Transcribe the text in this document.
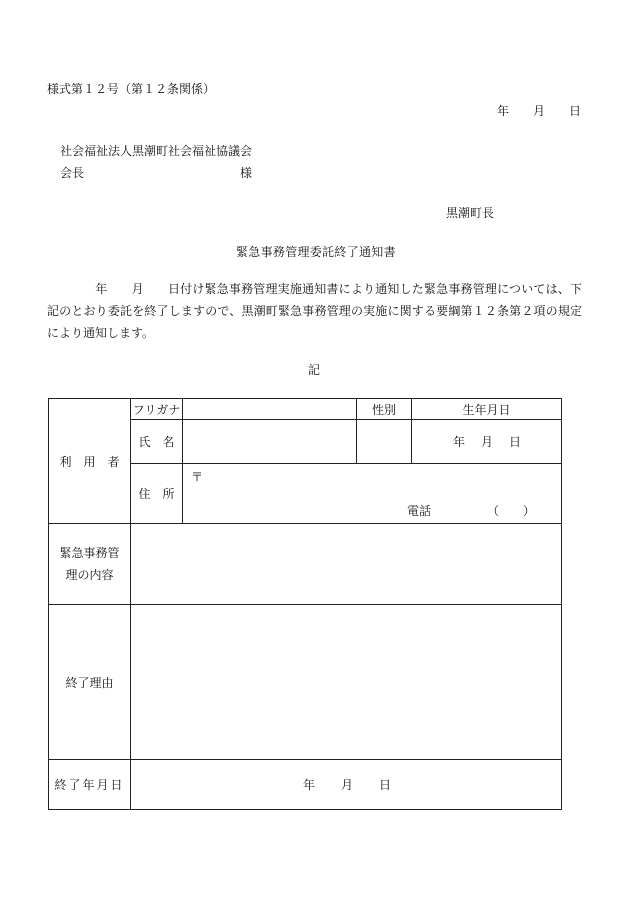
様式第１２号（第１２条関係）
年 月 日
社会福祉法人黒潮町社会福祉協議会
会長	様
黒潮町長
緊急事務管理委託終了通知書
年 月 日付け緊急事務管理実施通知書により通知した緊急事務管理については、下記のとおり委託を終了しますので、黒潮町緊急事務管理の実施に関する要綱第１２条第２項の規定により通知します。
記
利　用　者	フリガナ		性別	生年月日
	氏　名			年 月 日

	住　所	〒
電話 （　　）		

緊急事務管
理の内容				

終了理由				
終了年月日	年 月 日			
